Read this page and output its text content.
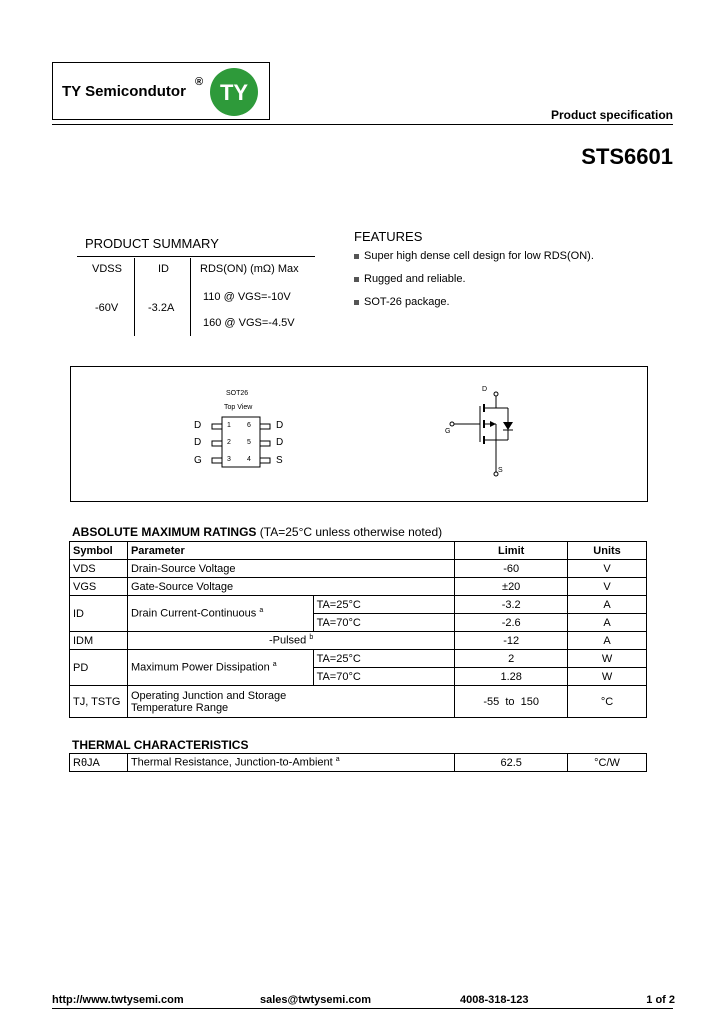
TY Semicondutor
® TY
Product specification
STS6601
PRODUCT SUMMARY
VDSS	ID	RDS(ON) (mΩ) Max
-60V	-3.2A
110 @ VGS=-10V
160 @ VGS=-4.5V
FEATURES
Super high dense cell design for low RDS(ON).
Rugged and reliable.
SOT-26 package.
SOT26
Top View
D
D
G
1
2
3
6
5
4
D
D
S
D
G
S
ABSOLUTE MAXIMUM RATINGS (TA=25°C unless otherwise noted)
Symbol	Parameter		Limit	Units
VDS	Drain-Source Voltage		-60	V
VGS	Gate-Source Voltage		±20	V
ID	Drain Current-Continuous $^a$	TA=25°C	-3.2	A
		TA=70°C	-2.6	A
IDM	-Pulsed $^b$		-12	A
PD	Maximum Power Dissipation $^a$	TA=25°C	2	W
		TA=70°C	1.28	W
TJ, TSTG	Operating Junction and Storage
Temperature Range		-55  to  150	°C
THERMAL CHARACTERISTICS
RθJA	Thermal Resistance, Junction-to-Ambient $^a$	62.5	°C/W
http://www.twtysemi.com	sales@twtysemi.com	4008-318-123	1 of 2
